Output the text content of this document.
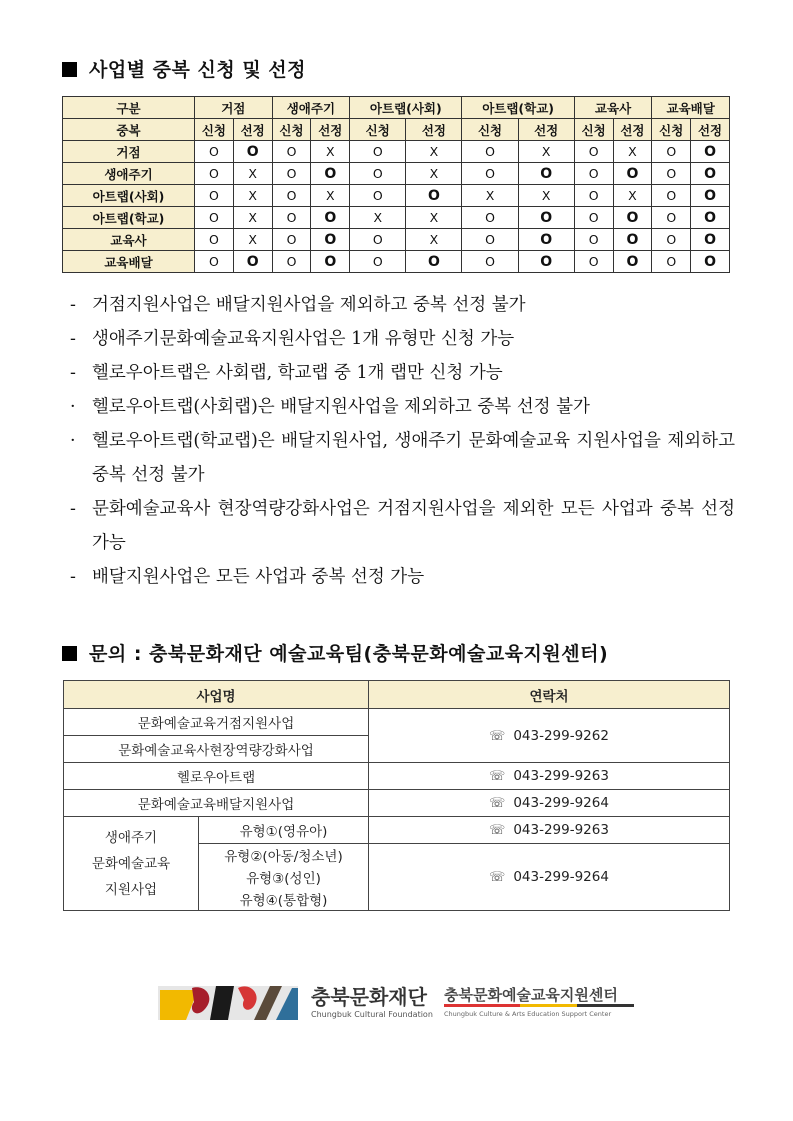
사업별 중복 신청 및 선정
구분	거점		생애주기		아트랩(사회)		아트랩(학교)		교육사		교육배달	
중복	신청	선정	신청	선정	신청	선정	신청	선정	신청	선정	신청	선정
거점	O	O	O	X	O	X	O	X	O	X	O	O
생애주기	O	X	O	O	O	X	O	O	O	O	O	O
아트랩(사회)	O	X	O	X	O	O	X	X	O	X	O	O
아트랩(학교)	O	X	O	O	X	X	O	O	O	O	O	O
교육사	O	X	O	O	O	X	O	O	O	O	O	O
교육배달	O	O	O	O	O	O	O	O	O	O	O	O
- 거점지원사업은 배달지원사업을 제외하고 중복 선정 불가
- 생애주기문화예술교육지원사업은 1개 유형만 신청 가능
- 헬로우아트랩은 사회랩, 학교랩 중 1개 랩만 신청 가능
· 헬로우아트랩(사회랩)은 배달지원사업을 제외하고 중복 선정 불가
· 헬로우아트랩(학교랩)은 배달지원사업, 생애주기 문화예술교육 지원사업을 제외하고 중복 선정 불가
- 문화예술교육사 현장역량강화사업은 거점지원사업을 제외한 모든 사업과 중복 선정 가능
- 배달지원사업은 모든 사업과 중복 선정 가능
문의 : 충북문화재단 예술교육팀(충북문화예술교육지원센터)
사업명		연락처
문화예술교육거점지원사업		☏ 043-299-9262
문화예술교육사현장역량강화사업		
헬로우아트랩		☏ 043-299-9263
문화예술교육배달지원사업		☏ 043-299-9264

생애주기
문화예술교육
지원사업	유형①(영유아)	☏ 043-299-9263
	유형②(아동/청소년)	☏ 043-299-9264
	유형③(성인)	
	유형④(통합형)	
충북문화재단
Chungbuk Cultural Foundation
충북문화예술교육지원센터
Chungbuk Culture & Arts Education Support Center
